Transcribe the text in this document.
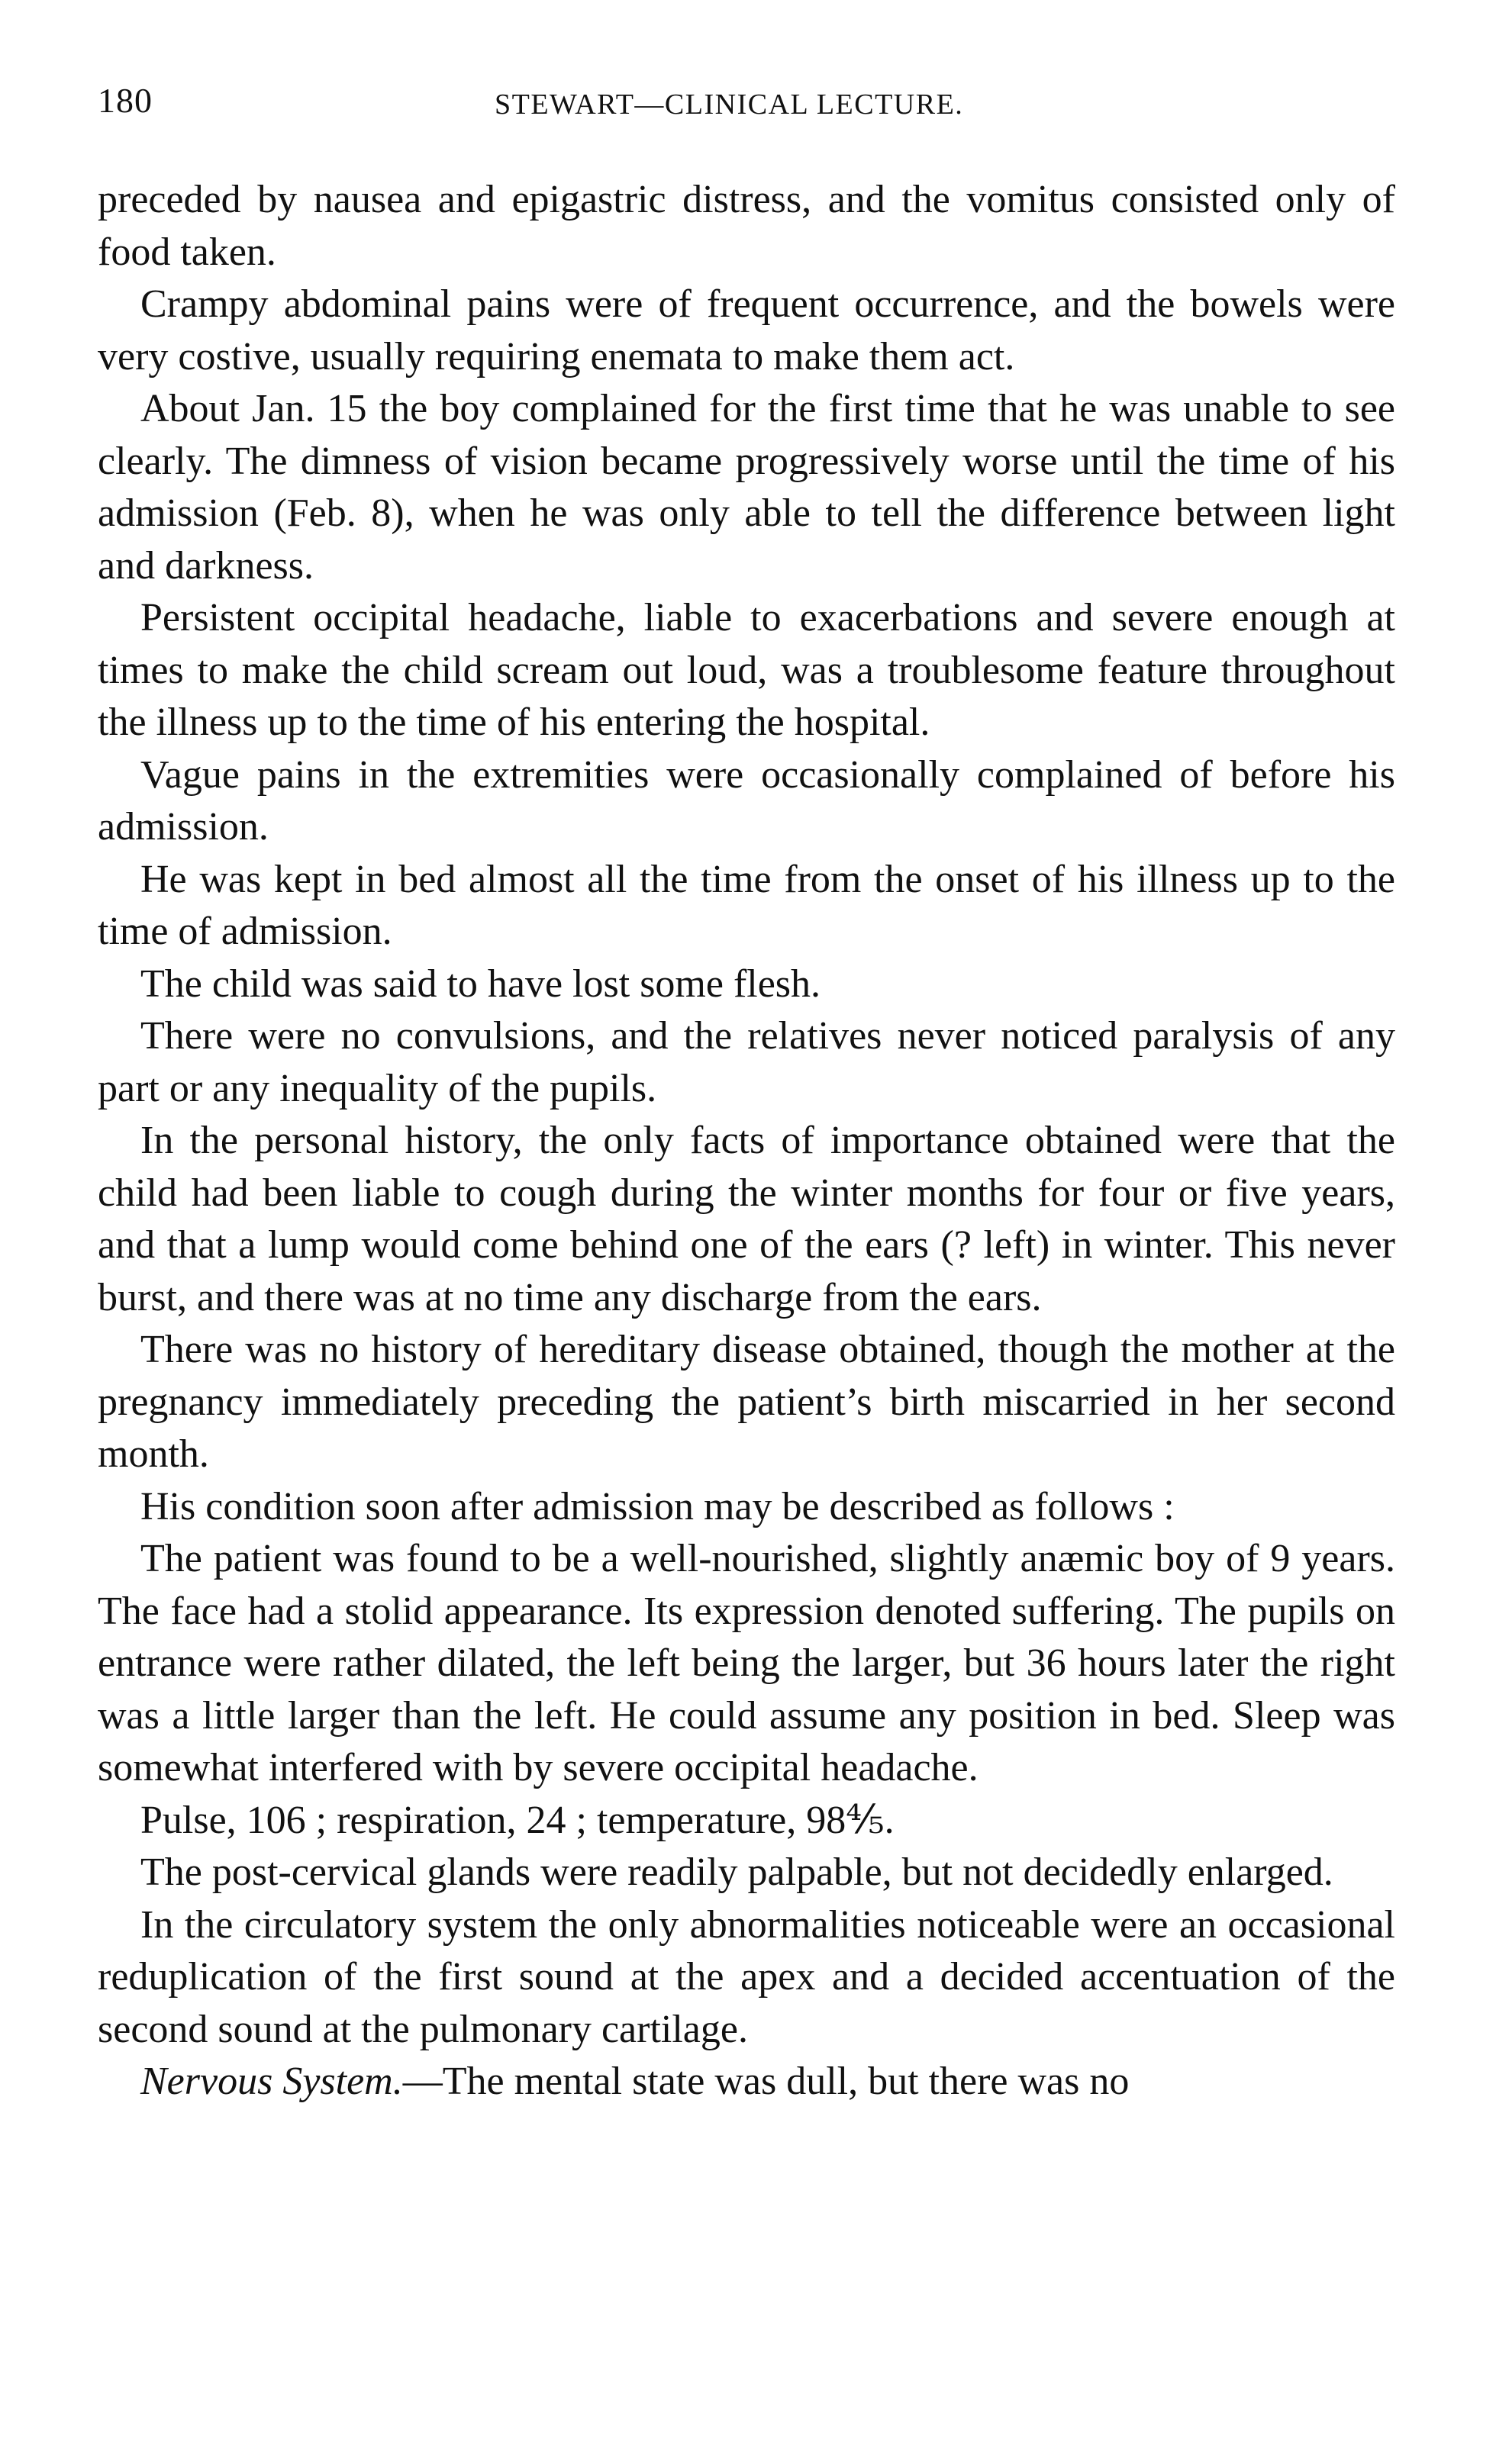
180	STEWART—CLINICAL LECTURE.

preceded by nausea and epigastric distress, and the vomitus consisted only of food taken.

Crampy abdominal pains were of frequent occurrence, and the bowels were very costive, usually requiring enemata to make them act.

About Jan. 15 the boy complained for the first time that he was unable to see clearly. The dimness of vision became progressively worse until the time of his admission (Feb. 8), when he was only able to tell the difference between light and darkness.

Persistent occipital headache, liable to exacerbations and severe enough at times to make the child scream out loud, was a troublesome feature throughout the illness up to the time of his entering the hospital.

Vague pains in the extremities were occasionally complained of before his admission.

He was kept in bed almost all the time from the onset of his illness up to the time of admission.

The child was said to have lost some flesh.

There were no convulsions, and the relatives never noticed paralysis of any part or any inequality of the pupils.

In the personal history, the only facts of importance obtained were that the child had been liable to cough during the winter months for four or five years, and that a lump would come behind one of the ears (? left) in winter. This never burst, and there was at no time any discharge from the ears.

There was no history of hereditary disease obtained, though the mother at the pregnancy immediately preceding the patient’s birth miscarried in her second month.

His condition soon after admission may be described as follows :

The patient was found to be a well-nourished, slightly anæmic boy of 9 years. The face had a stolid appearance. Its expression denoted suffering. The pupils on entrance were rather dilated, the left being the larger, but 36 hours later the right was a little larger than the left. He could assume any position in bed. Sleep was somewhat interfered with by severe occipital headache.

Pulse, 106 ; respiration, 24 ; temperature, 98⅘.

The post-cervical glands were readily palpable, but not decidedly enlarged.

In the circulatory system the only abnormalities noticeable were an occasional reduplication of the first sound at the apex and a decided accentuation of the second sound at the pulmonary cartilage.

Nervous System.—The mental state was dull, but there was no
